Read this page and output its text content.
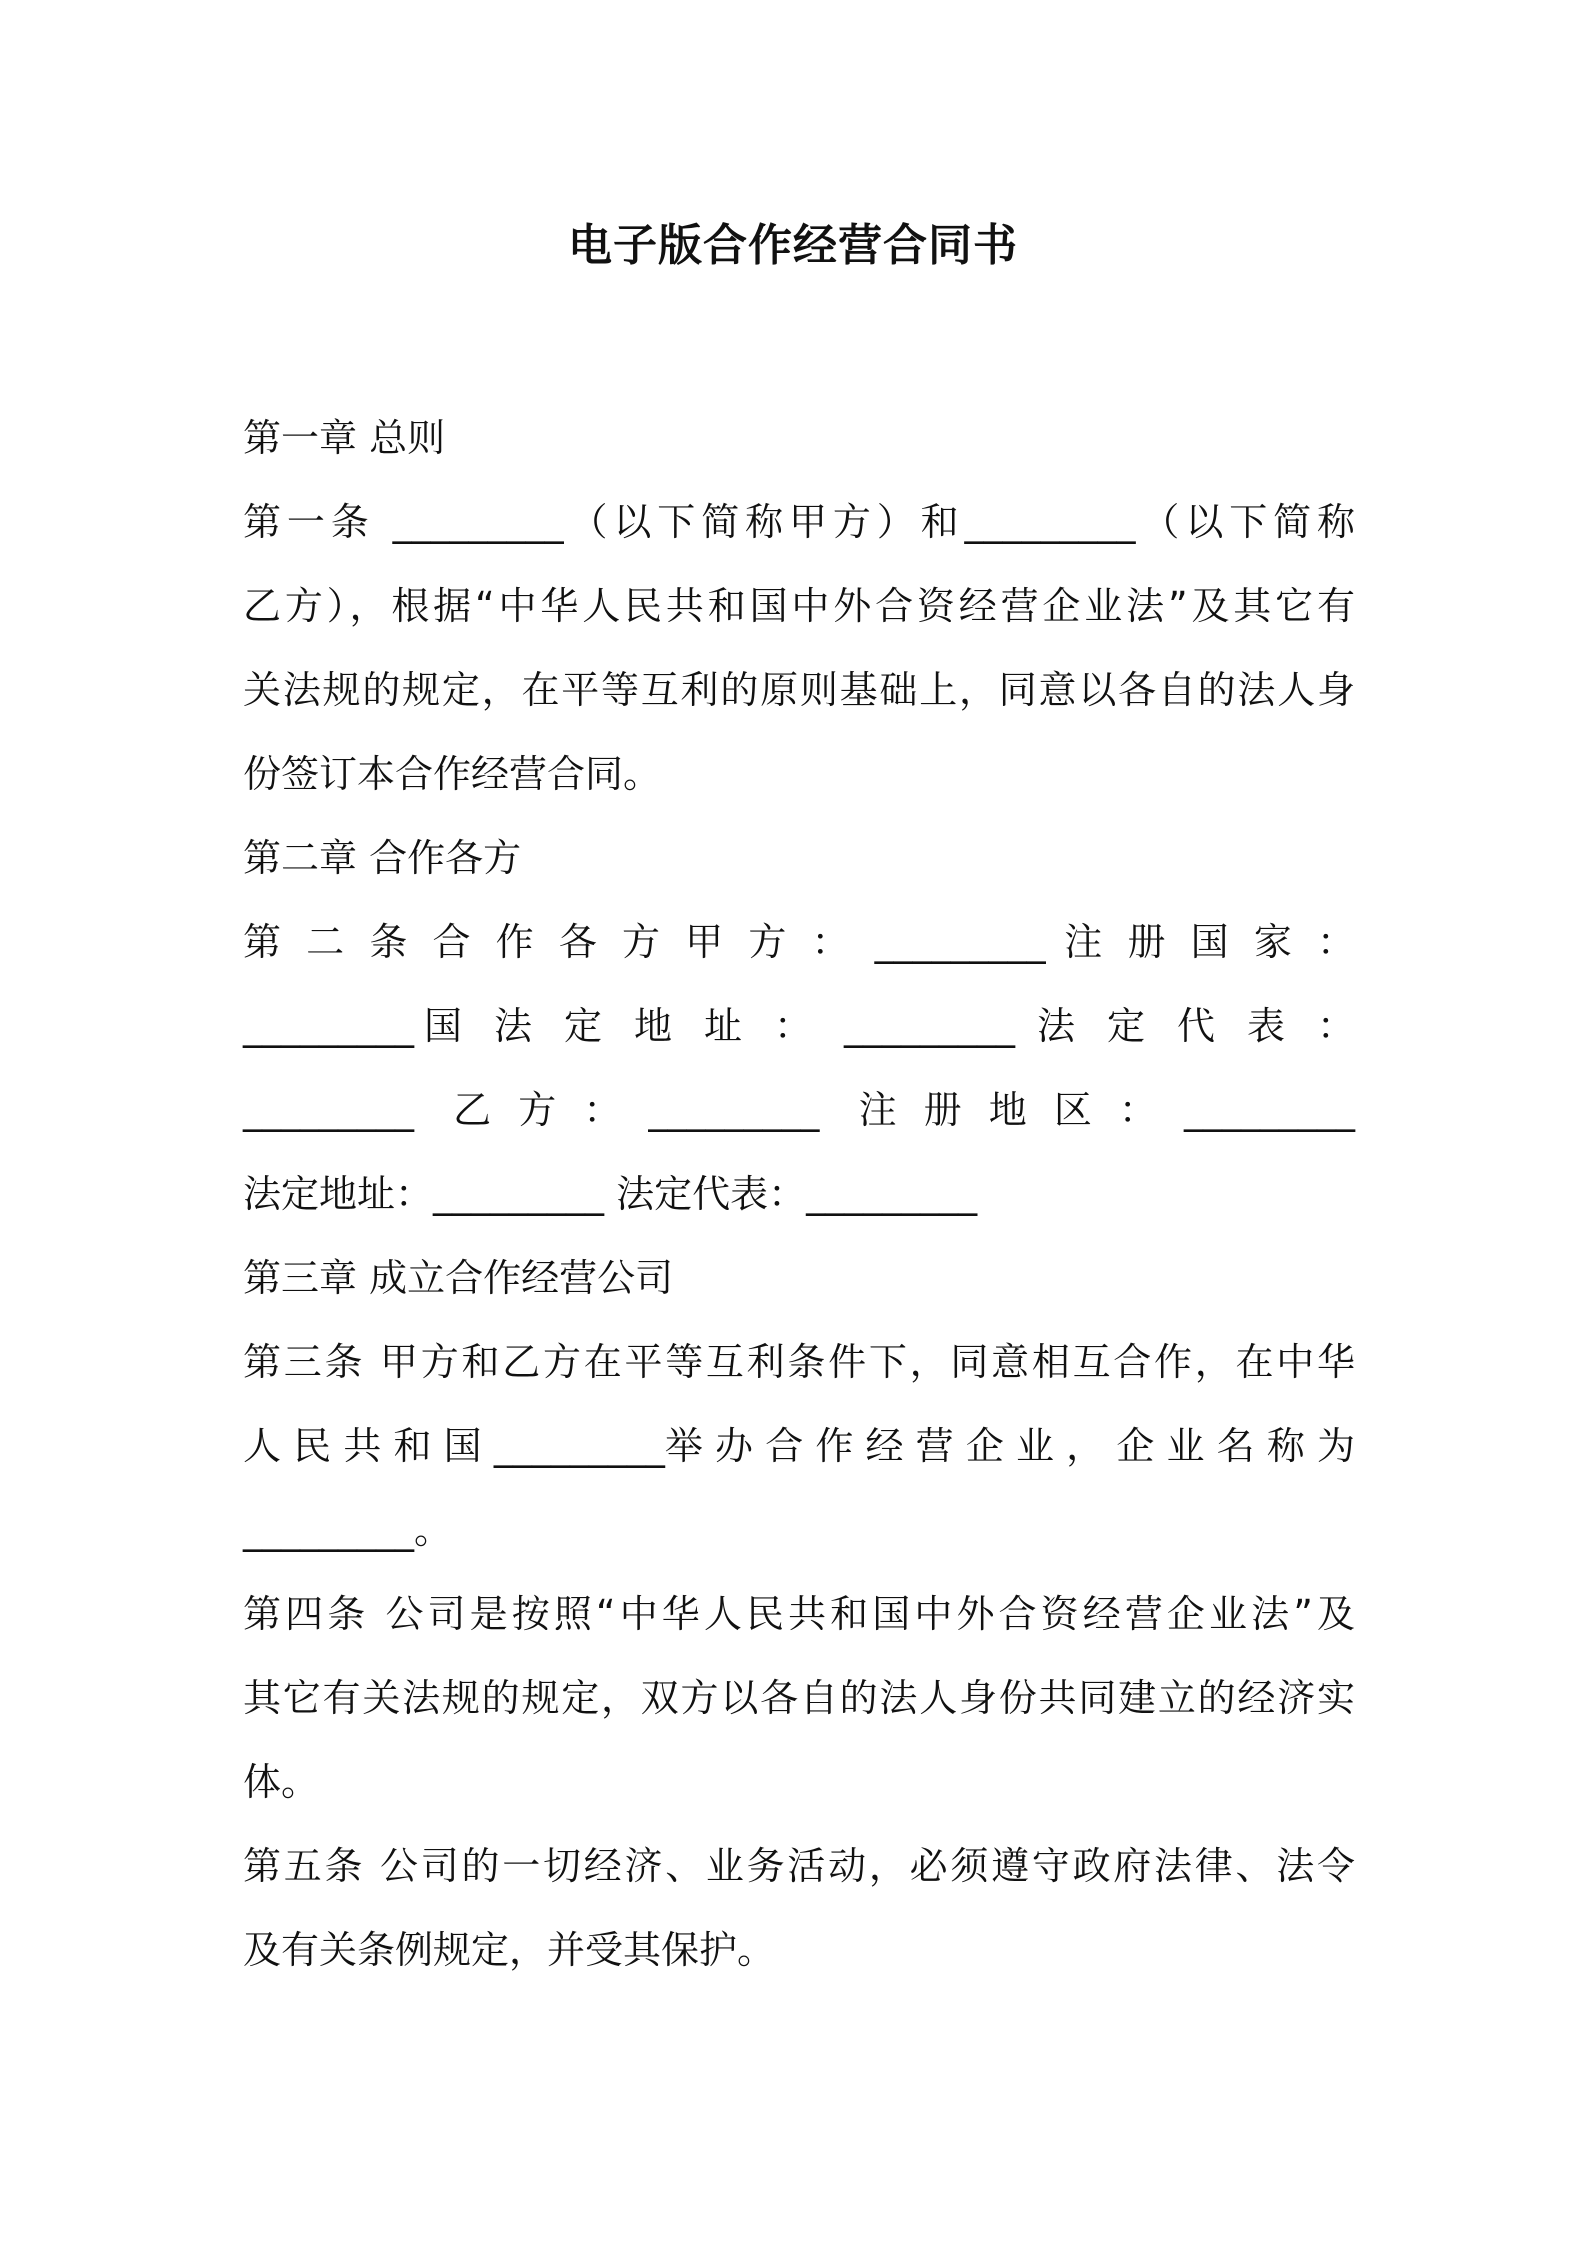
电子版合作经营合同书
第一章 总则
第一条 _________（以下简称甲方）和_________（以下简称
乙方），根据“中华人民共和国中外合资经营企业法”及其它有
关法规的规定，在平等互利的原则基础上，同意以各自的法人身
份签订本合作经营合同。
第二章 合作各方
第 二 条 合 作 各 方 甲 方 ： _________ 注 册 国 家 ：
_________国 法 定 地 址 ： _________ 法 定 代 表 ：
_________ 乙方：_________ 注册地区：_________
法定地址：_________ 法定代表：_________
第三章 成立合作经营公司
第三条 甲方和乙方在平等互利条件下，同意相互合作，在中华
人 民 共 和 国 _________举 办 合 作 经 营 企 业 ， 企 业 名 称 为
_________。
第四条 公司是按照“中华人民共和国中外合资经营企业法”及
其它有关法规的规定，双方以各自的法人身份共同建立的经济实
体。
第五条 公司的一切经济、业务活动，必须遵守政府法律、法令
及有关条例规定，并受其保护。
